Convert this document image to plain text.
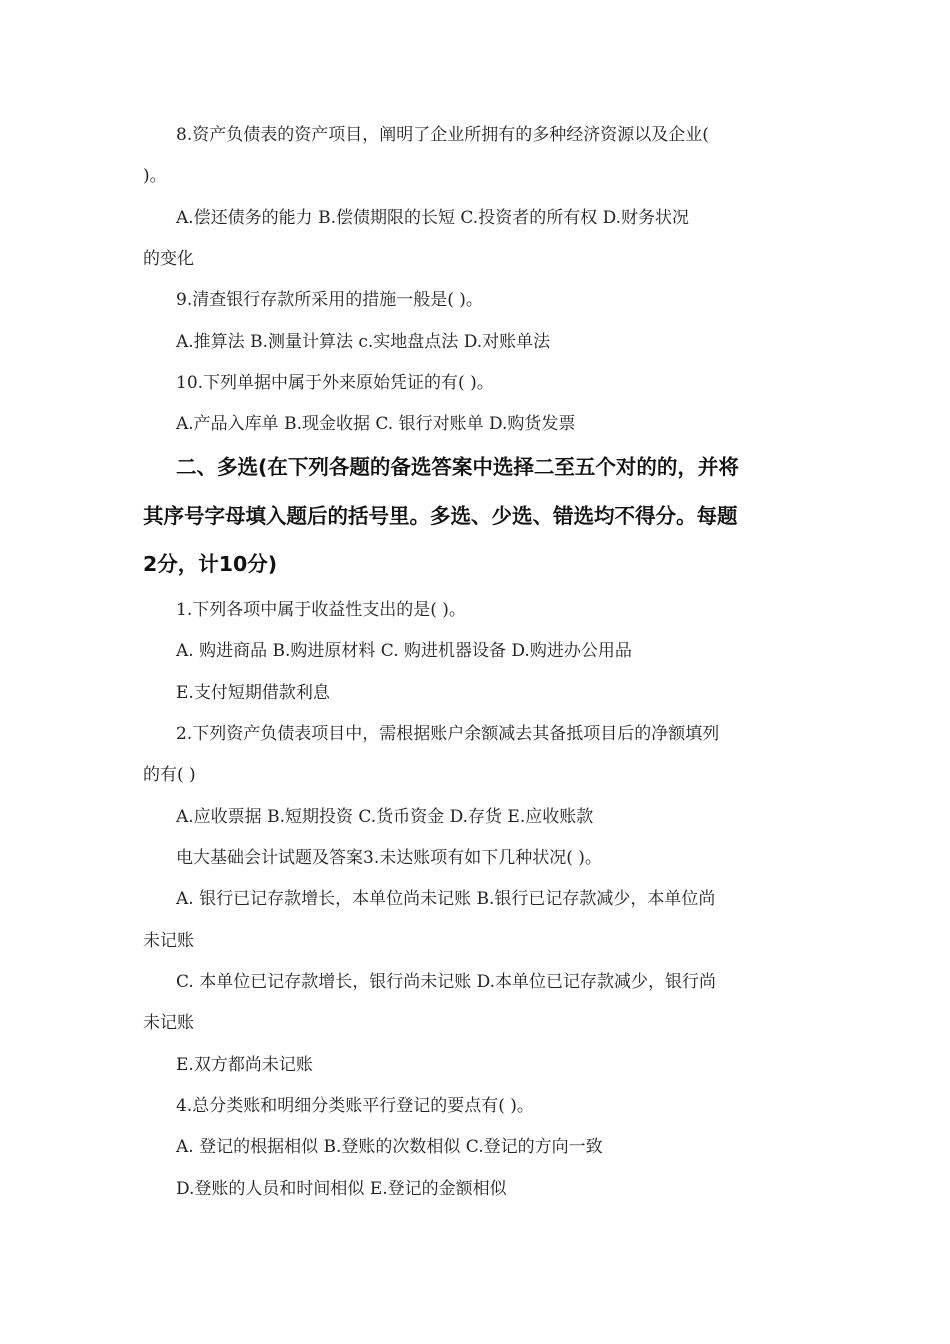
8.资产负债表的资产项目，阐明了企业所拥有的多种经济资源以及企业(
)。
A.偿还债务的能力 B.偿债期限的长短 C.投资者的所有权 D.财务状况
的变化
9.清查银行存款所采用的措施一般是( )。
A.推算法 B.测量计算法 c.实地盘点法 D.对账单法
10.下列单据中属于外来原始凭证的有( )。
A.产品入库单 B.现金收据 C. 银行对账单 D.购货发票
二、多选(在下列各题的备选答案中选择二至五个对的的，并将
其序号字母填入题后的括号里。多选、少选、错选均不得分。每题
2分，计10分)
1.下列各项中属于收益性支出的是( )。
A. 购进商品 B.购进原材料 C. 购进机器设备 D.购进办公用品
E.支付短期借款利息
2.下列资产负债表项目中，需根据账户余额减去其备抵项目后的净额填列
的有( )
A.应收票据 B.短期投资 C.货币资金 D.存货 E.应收账款
电大基础会计试题及答案3.未达账项有如下几种状况( )。
A. 银行已记存款增长，本单位尚未记账 B.银行已记存款减少，本单位尚
未记账
C. 本单位已记存款增长，银行尚未记账 D.本单位已记存款减少，银行尚
未记账
E.双方都尚未记账
4.总分类账和明细分类账平行登记的要点有( )。
A. 登记的根据相似 B.登账的次数相似 C.登记的方向一致
D.登账的人员和时间相似 E.登记的金额相似
